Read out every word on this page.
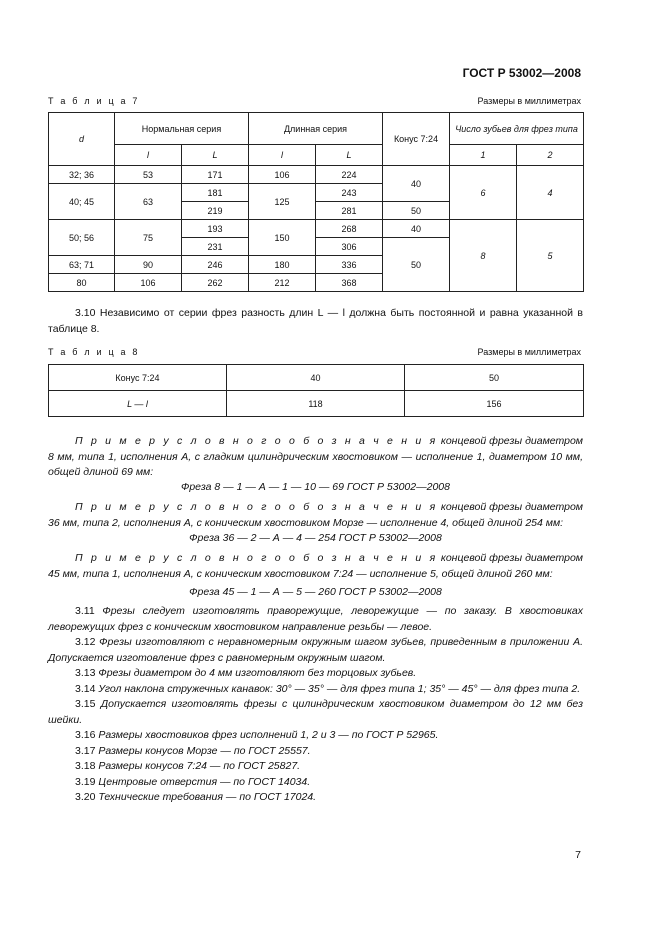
ГОСТ Р 53002—2008
Т а б л и ц а 7	Размеры в миллиметрах
d	Нормальная серия		Длинная серия		Конус 7:24	Число зубьев для фрез типа	
	l	L	l	L		1	2
32; 36	53	171	106	224	40	6	4
40; 45	63	181	125	243			
		219		281	50		
50; 56	75	193	150	268	40	8	5
		231		306	50		
63; 71	90	246	180	336			
80	106	262	212	368			

3.10 Независимо от серии фрез разность длин L — l должна быть постоянной и равна указанной в таблице 8.

Т а б л и ц а 8	Размеры в миллиметрах
Конус 7:24	40	50
L — l	118	156

П р и м е р у с л о в н о г о о б о з н а ч е н и я концевой фрезы диаметром 8 мм, типа 1, исполнения А, с гладким цилиндрическим хвостовиком — исполнение 1, диаметром 10 мм, общей длиной 69 мм:

Фреза 8 — 1 — А — 1 — 10 — 69 ГОСТ Р 53002—2008

П р и м е р у с л о в н о г о о б о з н а ч е н и я концевой фрезы диаметром 36 мм, типа 2, исполнения А, с коническим хвостовиком Морзе — исполнение 4, общей длиной 254 мм:

Фреза 36 — 2 — А — 4 — 254 ГОСТ Р 53002—2008

П р и м е р у с л о в н о г о о б о з н а ч е н и я концевой фрезы диаметром 45 мм, типа 1, исполнения А, с коническим хвостовиком 7:24 — исполнение 5, общей длиной 260 мм:

Фреза 45 — 1 — А — 5 — 260 ГОСТ Р 53002—2008
3.11 Фрезы следует изготовлять праворежущие, леворежущие — по заказу. В хвостовиках леворежущих фрез с коническим хвостовиком направление резьбы — левое.
3.12 Фрезы изготовляют с неравномерным окружным шагом зубьев, приведенным в приложении А. Допускается изготовление фрез с равномерным окружным шагом.
3.13 Фрезы диаметром до 4 мм изготовляют без торцовых зубьев.
3.14 Угол наклона стружечных канавок: 30° — 35° — для фрез типа 1; 35° — 45° — для фрез типа 2.
3.15 Допускается изготовлять фрезы с цилиндрическим хвостовиком диаметром до 12 мм без шейки.
3.16 Размеры хвостовиков фрез исполнений 1, 2 и 3 — по ГОСТ Р 52965.
3.17 Размеры конусов Морзе — по ГОСТ 25557.
3.18 Размеры конусов 7:24 — по ГОСТ 25827.
3.19 Центровые отверстия — по ГОСТ 14034.
3.20 Технические требования — по ГОСТ 17024.
7
